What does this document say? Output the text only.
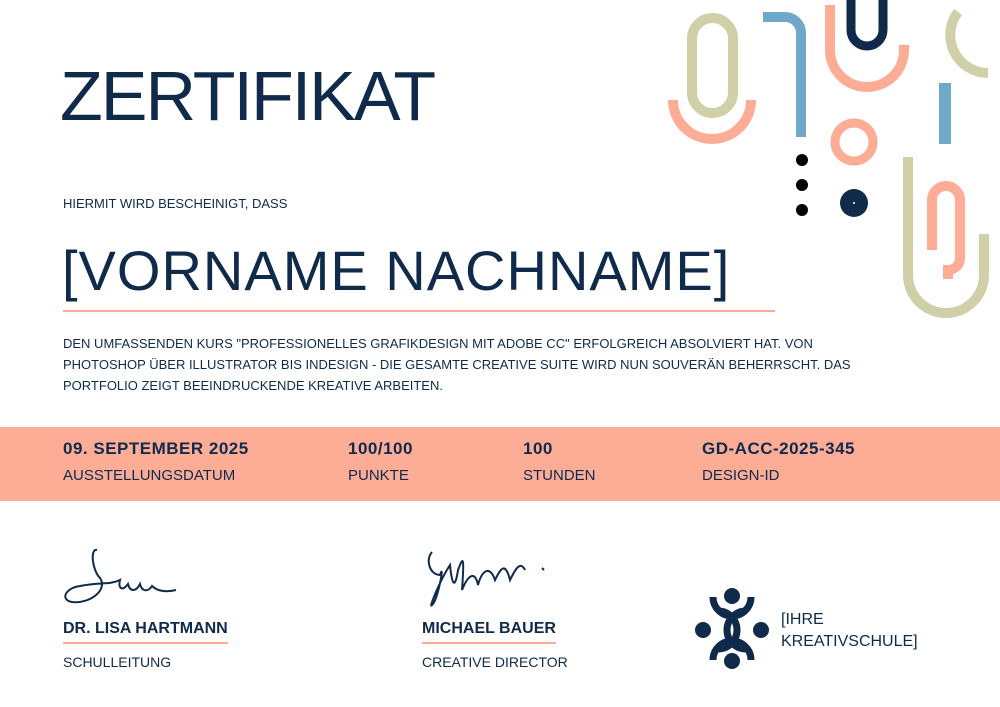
ZERTIFIKAT
HIERMIT WIRD BESCHEINIGT, DASS
[VORNAME NACHNAME]
DEN UMFASSENDEN KURS "PROFESSIONELLES GRAFIKDESIGN MIT ADOBE CC" ERFOLGREICH ABSOLVIERT HAT. VON PHOTOSHOP ÜBER ILLUSTRATOR BIS INDESIGN - DIE GESAMTE CREATIVE SUITE WIRD NUN SOUVERÄN BEHERRSCHT. DAS PORTFOLIO ZEIGT BEEINDRUCKENDE KREATIVE ARBEITEN.
09. SEPTEMBER 2025
AUSSTELLUNGSDATUM
100/100
PUNKTE
100
STUNDEN
GD-ACC-2025-345
DESIGN-ID
DR. LISA HARTMANN
SCHULLEITUNG
MICHAEL BAUER
CREATIVE DIRECTOR
[IHRE
KREATIVSCHULE]
